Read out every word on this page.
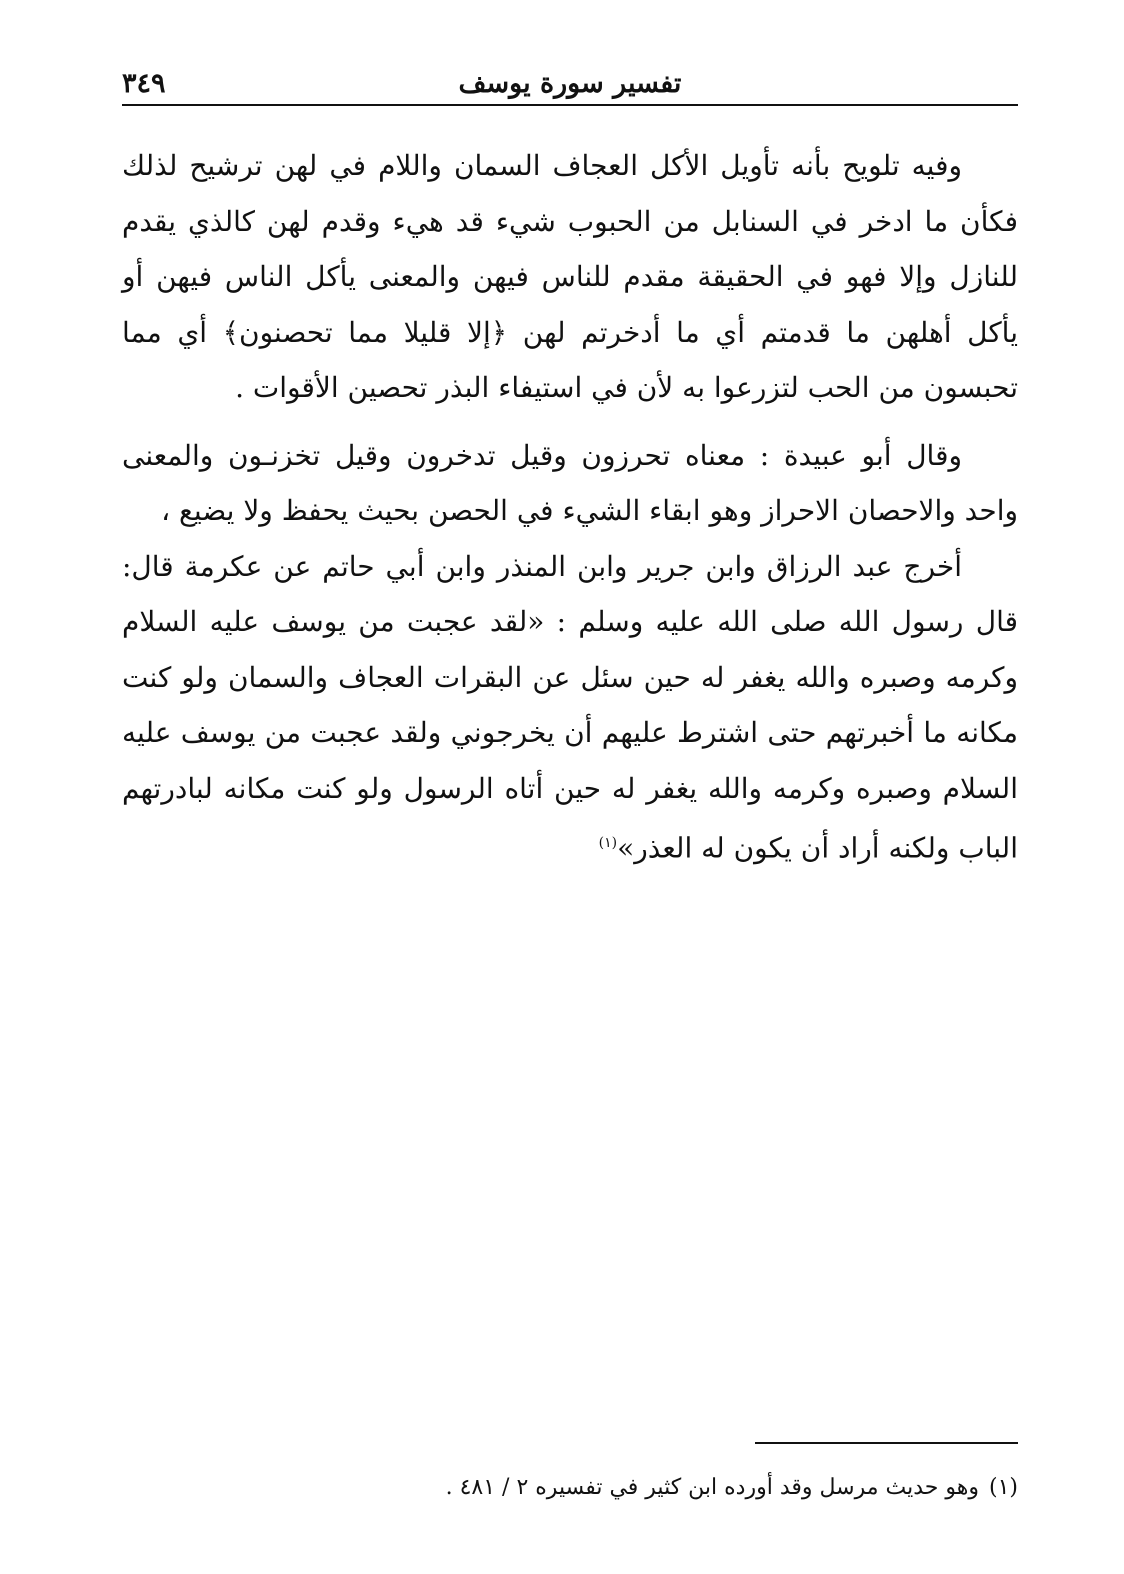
تفسير سورة يوسف
٣٤٩

وفيه تلويح بأنه تأويل الأكل العجاف السمان واللام في لهن ترشيح لذلك فكأن ما ادخر في السنابل من الحبوب شيء قد هيء وقدم لهن كالذي يقدم للنازل وإلا فهو في الحقيقة مقدم للناس فيهن والمعنى يأكل الناس فيهن أو يأكل أهلهن ما قدمتم أي ما أدخرتم لهن ﴿إلا قليلا مما تحصنون﴾ أي مما تحبسون من الحب لتزرعوا به لأن في استيفاء البذر تحصين الأقوات .

وقال أبو عبيدة : معناه تحرزون وقيل تدخرون وقيل تخزنـون والمعنى واحد والاحصان الاحراز وهو ابقاء الشيء في الحصن بحيث يحفظ ولا يضيع ،

أخرج عبد الرزاق وابن جرير وابن المنذر وابن أبي حاتم عن عكرمة قال: قال رسول الله صلى الله عليه وسلم : «لقد عجبت من يوسف عليه السلام وكرمه وصبره والله يغفر له حين سئل عن البقرات العجاف والسمان ولو كنت مكانه ما أخبرتهم حتى اشترط عليهم أن يخرجوني ولقد عجبت من يوسف عليه السلام وصبره وكرمه والله يغفر له حين أتاه الرسول ولو كنت مكانه لبادرتهم الباب ولكنه أراد أن يكون له العذر»$^{(١)}$

(١)وهو حديث مرسل وقد أورده ابن كثير في تفسيره ٢ / ٤٨١ .
